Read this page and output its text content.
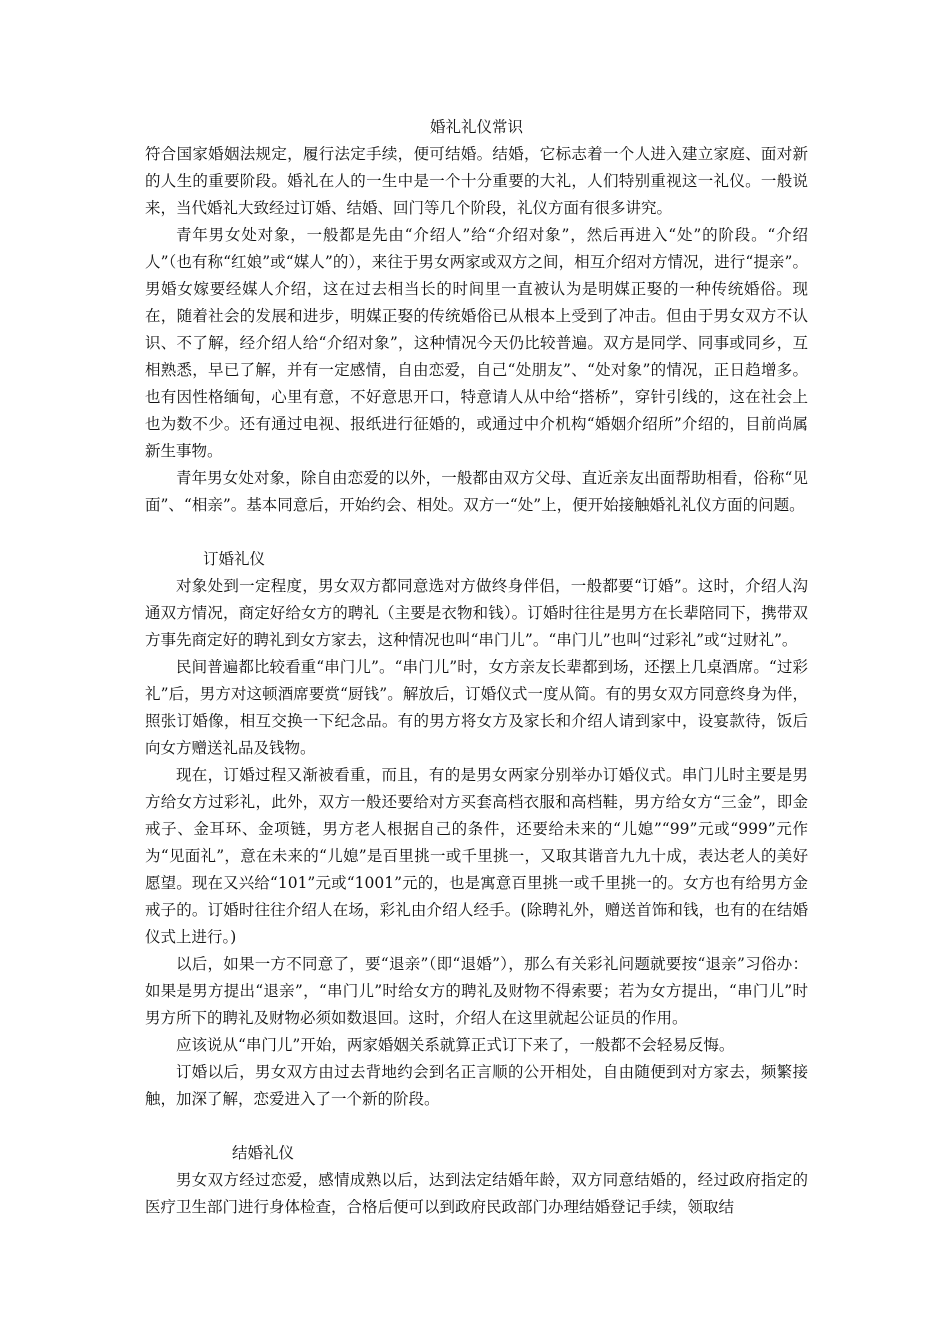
婚礼礼仪常识

符合国家婚姻法规定，履行法定手续，便可结婚。结婚，它标志着一个人进入建立家庭、面对新的人生的重要阶段。婚礼在人的一生中是一个十分重要的大礼，人们特别重视这一礼仪。一般说来，当代婚礼大致经过订婚、结婚、回门等几个阶段，礼仪方面有很多讲究。

青年男女处对象，一般都是先由“介绍人”给“介绍对象”，然后再进入“处”的阶段。“介绍人”（也有称“红娘”或“媒人”的），来往于男女两家或双方之间，相互介绍对方情况，进行“提亲”。男婚女嫁要经媒人介绍，这在过去相当长的时间里一直被认为是明媒正娶的一种传统婚俗。现在，随着社会的发展和进步，明媒正娶的传统婚俗已从根本上受到了冲击。但由于男女双方不认识、不了解，经介绍人给“介绍对象”，这种情况今天仍比较普遍。双方是同学、同事或同乡，互相熟悉，早已了解，并有一定感情，自由恋爱，自己“处朋友”、“处对象”的情况，正日趋增多。也有因性格缅甸，心里有意，不好意思开口，特意请人从中给“搭桥”，穿针引线的，这在社会上也为数不少。还有通过电视、报纸进行征婚的，或通过中介机构“婚姻介绍所”介绍的，目前尚属新生事物。

青年男女处对象，除自由恋爱的以外，一般都由双方父母、直近亲友出面帮助相看，俗称“见面”、“相亲”。基本同意后，开始约会、相处。双方一“处”上，便开始接触婚礼礼仪方面的问题。

订婚礼仪

对象处到一定程度，男女双方都同意选对方做终身伴侣，一般都要“订婚”。这时，介绍人沟通双方情况，商定好给女方的聘礼（主要是衣物和钱）。订婚时往往是男方在长辈陪同下，携带双方事先商定好的聘礼到女方家去，这种情况也叫“串门儿”。“串门儿”也叫“过彩礼”或“过财礼”。

民间普遍都比较看重“串门儿”。“串门儿”时，女方亲友长辈都到场，还摆上几桌酒席。“过彩礼”后，男方对这顿酒席要赏“厨钱”。解放后，订婚仪式一度从简。有的男女双方同意终身为伴，照张订婚像，相互交换一下纪念品。有的男方将女方及家长和介绍人请到家中，设宴款待，饭后向女方赠送礼品及钱物。

现在，订婚过程又渐被看重，而且，有的是男女两家分别举办订婚仪式。串门儿时主要是男方给女方过彩礼，此外，双方一般还要给对方买套高档衣服和高档鞋，男方给女方“三金”，即金戒子、金耳环、金项链，男方老人根据自己的条件，还要给未来的“儿媳”“99”元或“999”元作为“见面礼”，意在未来的“儿媳”是百里挑一或千里挑一，又取其谐音九九十成，表达老人的美好愿望。现在又兴给“101”元或“1001”元的，也是寓意百里挑一或千里挑一的。女方也有给男方金戒子的。订婚时往往介绍人在场，彩礼由介绍人经手。(除聘礼外，赠送首饰和钱，也有的在结婚仪式上进行。)

以后，如果一方不同意了，要“退亲”（即“退婚”），那么有关彩礼问题就要按“退亲”习俗办：如果是男方提出“退亲”，“串门儿”时给女方的聘礼及财物不得索要；若为女方提出，“串门儿”时男方所下的聘礼及财物必须如数退回。这时，介绍人在这里就起公证员的作用。

应该说从“串门儿”开始，两家婚姻关系就算正式订下来了，一般都不会轻易反悔。

订婚以后，男女双方由过去背地约会到名正言顺的公开相处，自由随便到对方家去，频繁接触，加深了解，恋爱进入了一个新的阶段。

结婚礼仪

男女双方经过恋爱，感情成熟以后，达到法定结婚年龄，双方同意结婚的，经过政府指定的医疗卫生部门进行身体检查，合格后便可以到政府民政部门办理结婚登记手续，领取结
